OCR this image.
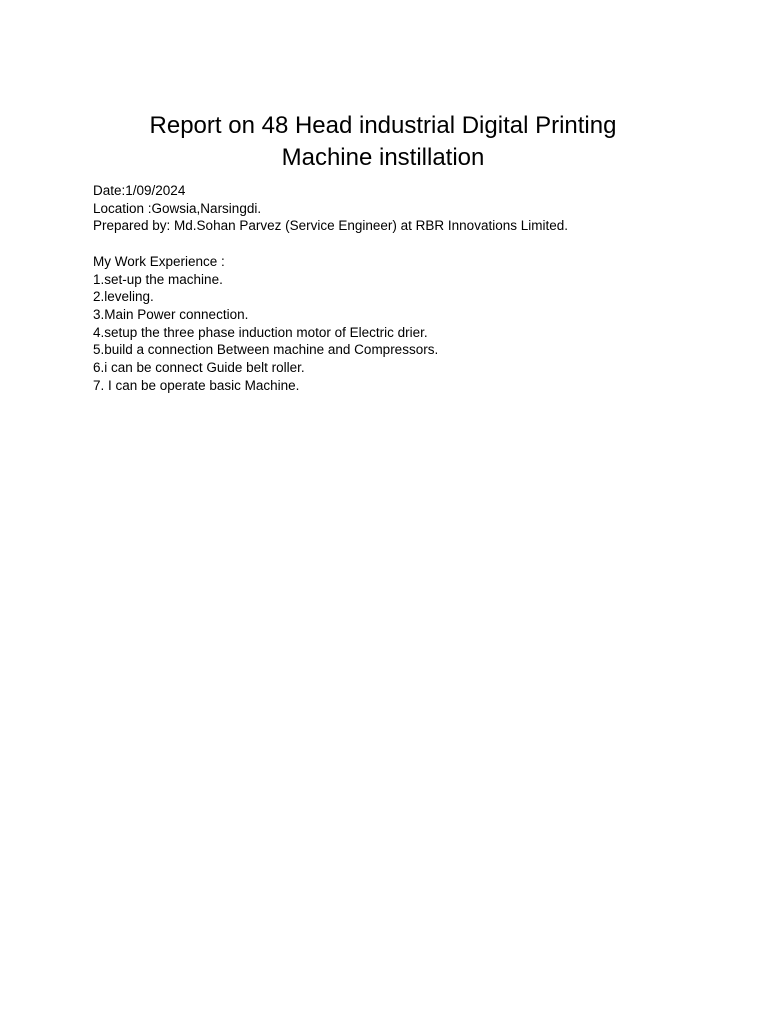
Report on 48 Head industrial Digital Printing
Machine instillation

Date:1/09/2024

Location :Gowsia,Narsingdi.

Prepared by: Md.Sohan Parvez (Service Engineer) at RBR Innovations Limited.

My Work Experience :

1.set-up the machine.

2.leveling.

3.Main Power connection.

4.setup the three phase induction motor of Electric drier.

5.build a connection Between machine and Compressors.

6.i can be connect Guide belt roller.

7. I can be operate basic Machine.
